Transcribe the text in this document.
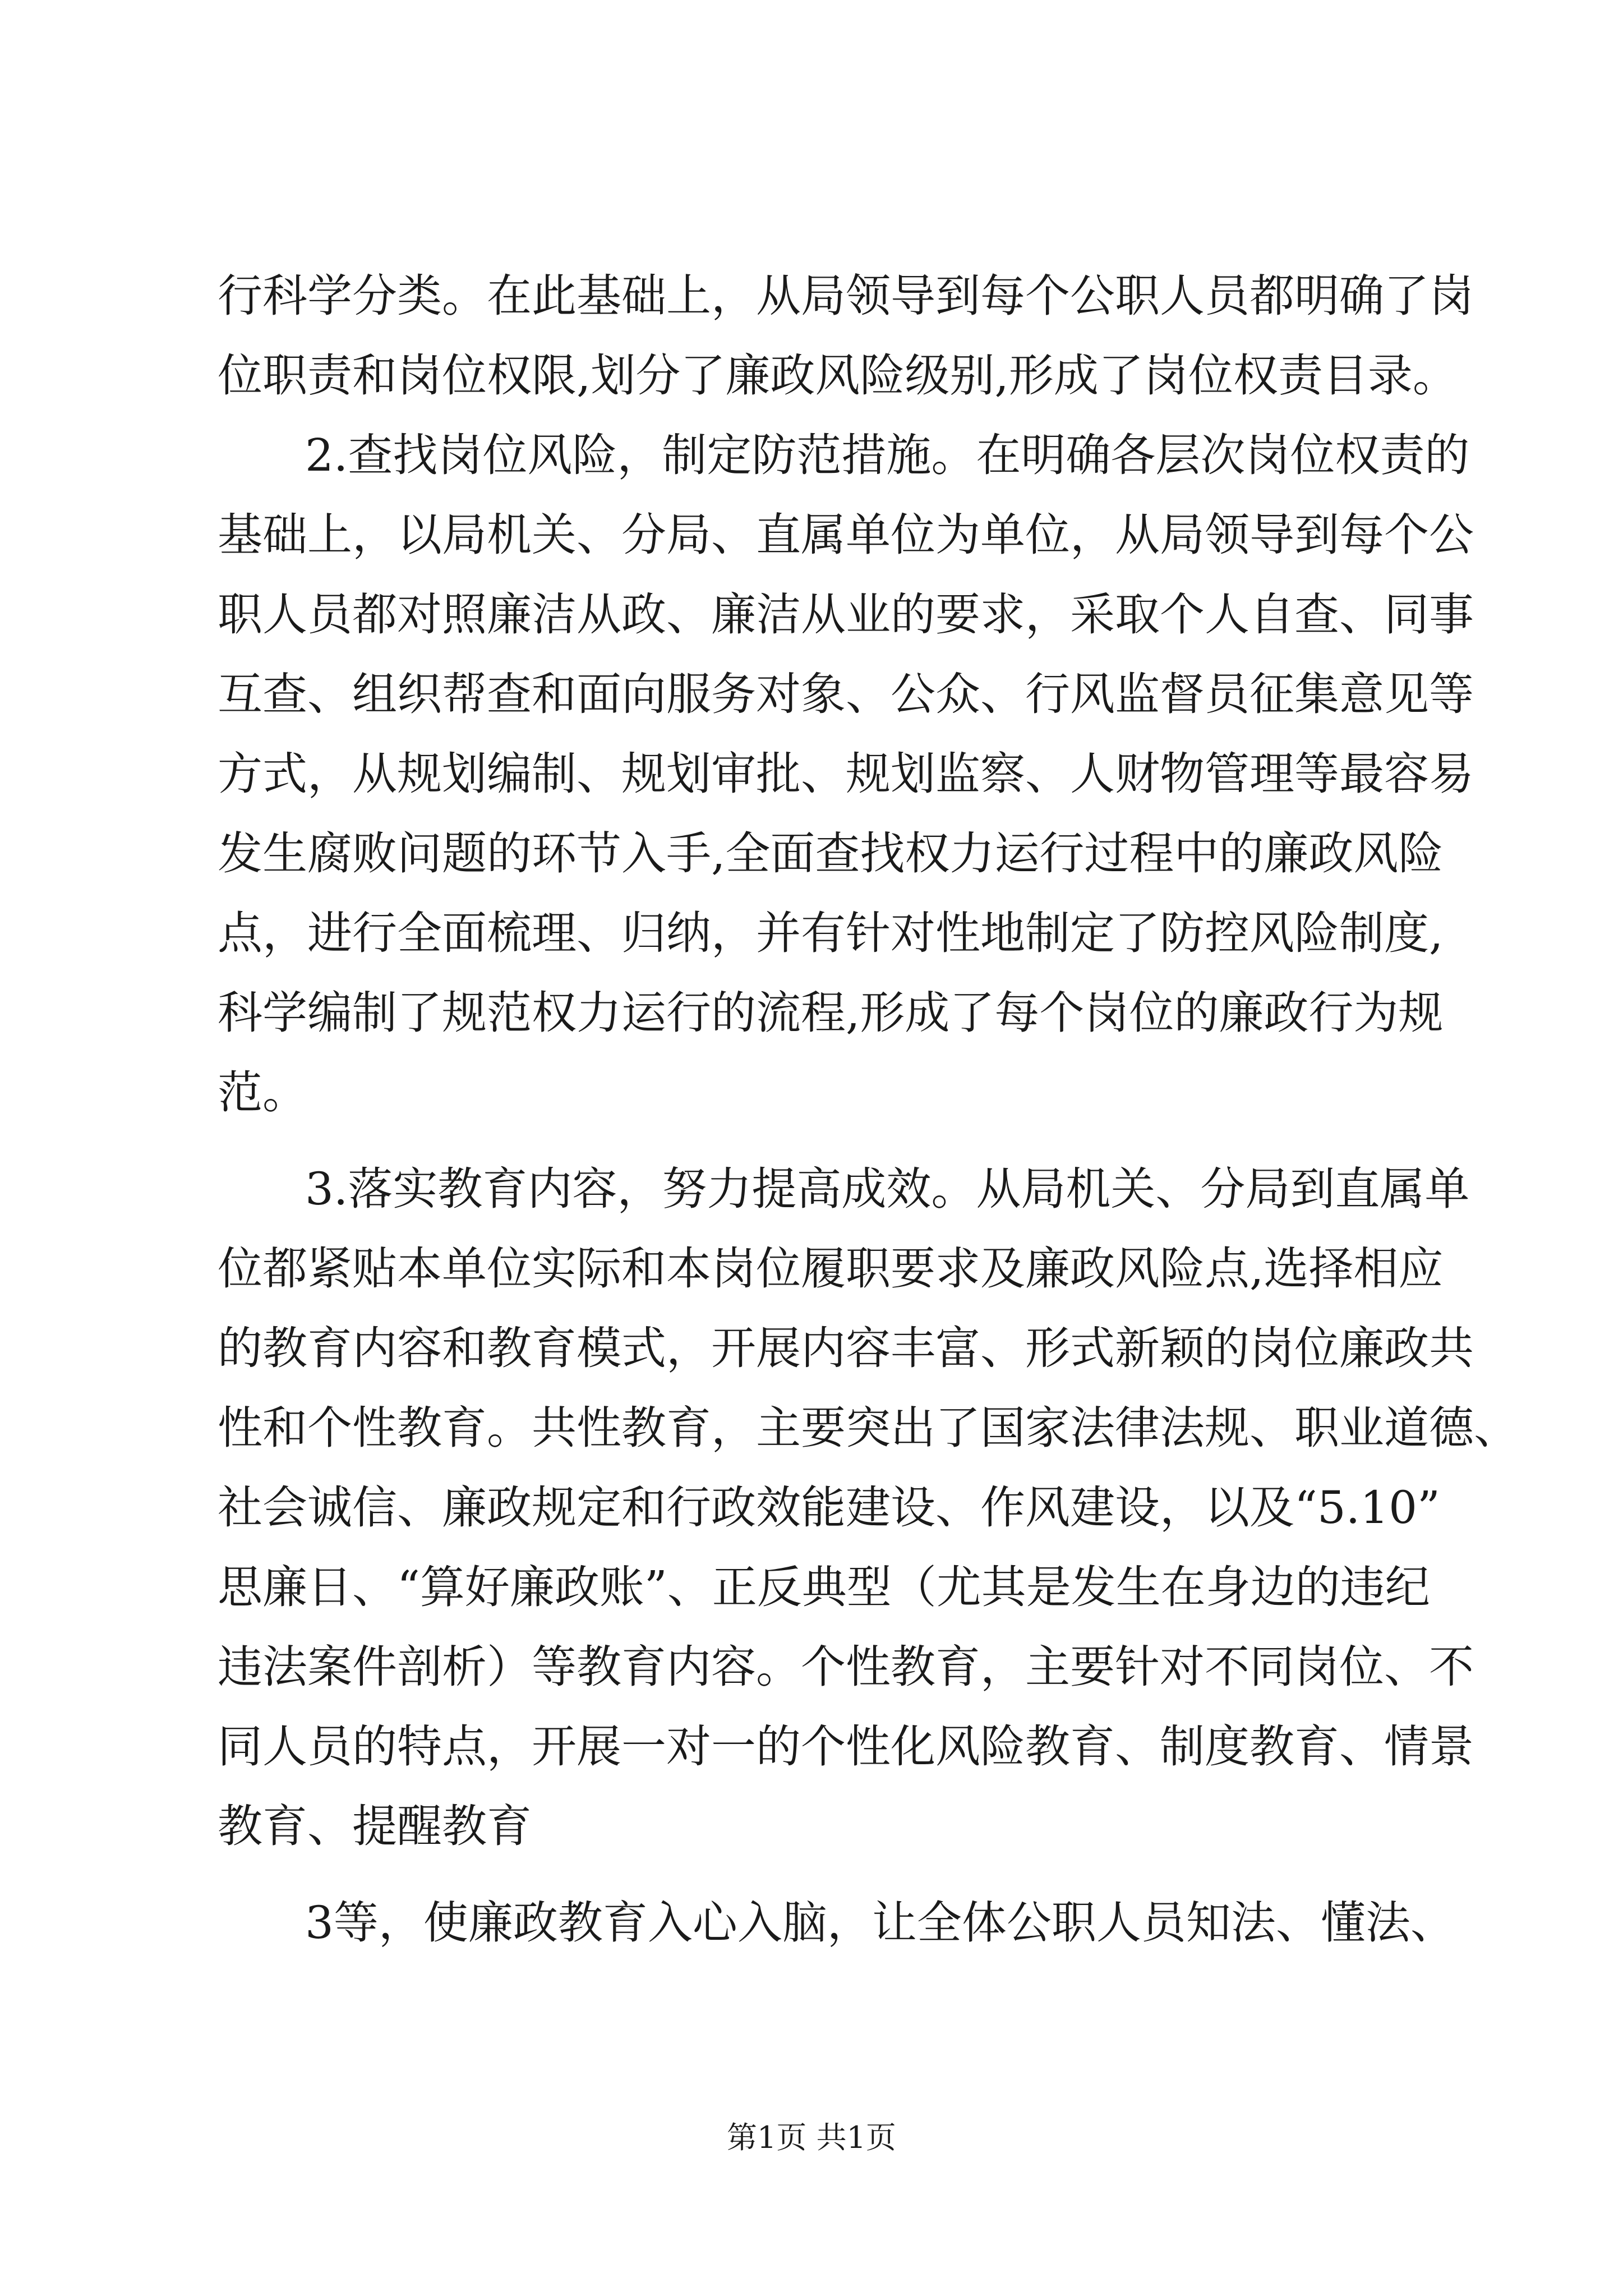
行科学分类。在此基础上，从局领导到每个公职人员都明确了岗
位职责和岗位权限,划分了廉政风险级别,形成了岗位权责目录。
2.查找岗位风险，制定防范措施。在明确各层次岗位权责的
基础上，以局机关、分局、直属单位为单位，从局领导到每个公
职人员都对照廉洁从政、廉洁从业的要求，采取个人自查、同事
互查、组织帮查和面向服务对象、公众、行风监督员征集意见等
方式，从规划编制、规划审批、规划监察、人财物管理等最容易
发生腐败问题的环节入手,全面查找权力运行过程中的廉政风险
点，进行全面梳理、归纳，并有针对性地制定了防控风险制度,
科学编制了规范权力运行的流程,形成了每个岗位的廉政行为规
范。
3.落实教育内容，努力提高成效。从局机关、分局到直属单
位都紧贴本单位实际和本岗位履职要求及廉政风险点,选择相应
的教育内容和教育模式，开展内容丰富、形式新颖的岗位廉政共
性和个性教育。共性教育，主要突出了国家法律法规、职业道德、
社会诚信、廉政规定和行政效能建设、作风建设，以及“5.10”
思廉日、“算好廉政账”、正反典型（尤其是发生在身边的违纪
违法案件剖析）等教育内容。个性教育，主要针对不同岗位、不
同人员的特点，开展一对一的个性化风险教育、制度教育、情景
教育、提醒教育
3等，使廉政教育入心入脑，让全体公职人员知法、懂法、
第1页 共1页
